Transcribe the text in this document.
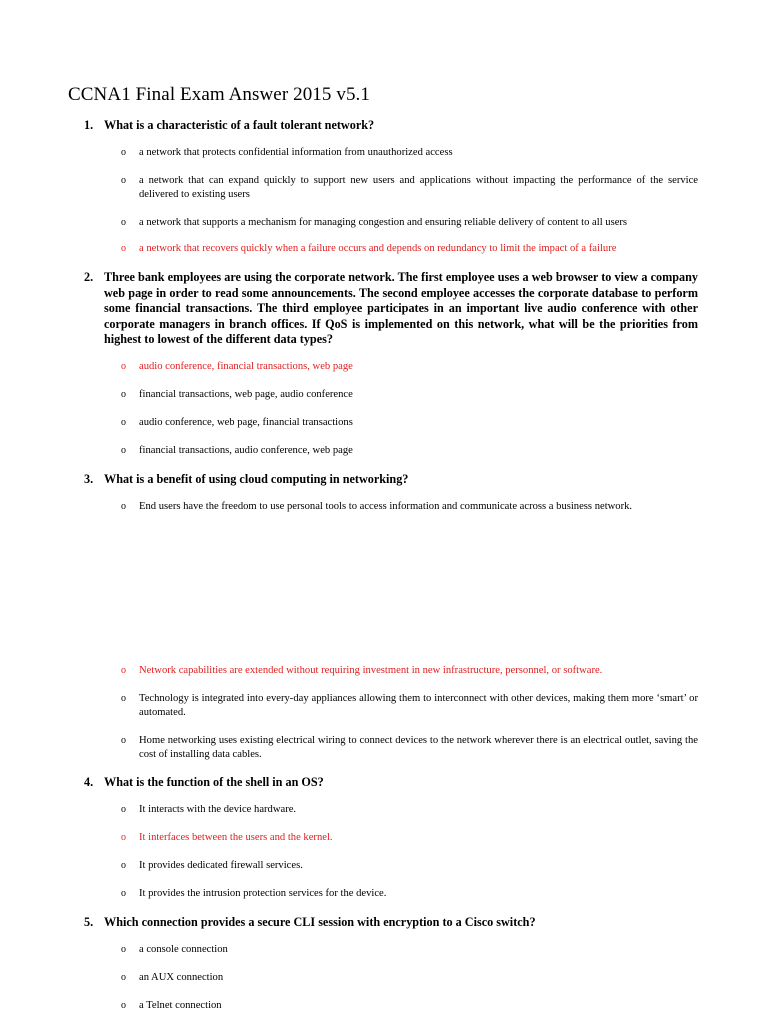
CCNA1 Final Exam Answer 2015 v5.1
1. What is a characteristic of a fault tolerant network?
o a network that protects confidential information from unauthorized access
o a network that can expand quickly to support new users and applications without impacting the performance of the service delivered to existing users
o a network that supports a mechanism for managing congestion and ensuring reliable delivery of content to all users
o a network that recovers quickly when a failure occurs and depends on redundancy to limit the impact of a failure
2. Three bank employees are using the corporate network. The first employee uses a web browser to view a company web page in order to read some announcements. The second employee accesses the corporate database to perform some financial transactions. The third employee participates in an important live audio conference with other corporate managers in branch offices. If QoS is implemented on this network, what will be the priorities from highest to lowest of the different data types?
o audio conference, financial transactions, web page
o financial transactions, web page, audio conference
o audio conference, web page, financial transactions
o financial transactions, audio conference, web page
3. What is a benefit of using cloud computing in networking?
o End users have the freedom to use personal tools to access information and communicate across a business network.
o Network capabilities are extended without requiring investment in new infrastructure, personnel, or software.
o Technology is integrated into every-day appliances allowing them to interconnect with other devices, making them more ‘smart’ or automated.
o Home networking uses existing electrical wiring to connect devices to the network wherever there is an electrical outlet, saving the cost of installing data cables.
4. What is the function of the shell in an OS?
o It interacts with the device hardware.
o It interfaces between the users and the kernel.
o It provides dedicated firewall services.
o It provides the intrusion protection services for the device.
5. Which connection provides a secure CLI session with encryption to a Cisco switch?
o a console connection
o an AUX connection
o a Telnet connection
